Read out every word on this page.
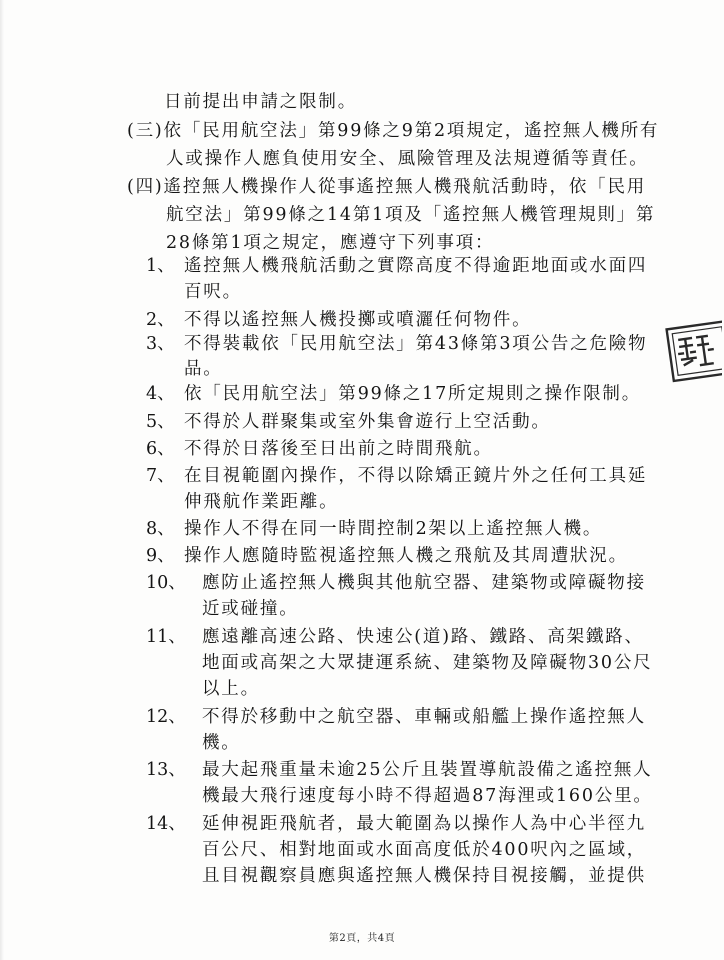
日前提出申請之限制。
(三)依「民用航空法」第99條之9第2項規定，遙控無人機所有
人或操作人應負使用安全、風險管理及法規遵循等責任。
(四)遙控無人機操作人從事遙控無人機飛航活動時，依「民用
航空法」第99條之14第1項及「遙控無人機管理規則」第
28條第1項之規定，應遵守下列事項：
1、 遙控無人機飛航活動之實際高度不得逾距地面或水面四
百呎。
2、 不得以遙控無人機投擲或噴灑任何物件。
3、 不得裝載依「民用航空法」第43條第3項公告之危險物
品。
4、 依「民用航空法」第99條之17所定規則之操作限制。
5、 不得於人群聚集或室外集會遊行上空活動。
6、 不得於日落後至日出前之時間飛航。
7、 在目視範圍內操作，不得以除矯正鏡片外之任何工具延
伸飛航作業距離。
8、 操作人不得在同一時間控制2架以上遙控無人機。
9、 操作人應隨時監視遙控無人機之飛航及其周遭狀況。
10、 應防止遙控無人機與其他航空器、建築物或障礙物接
近或碰撞。
11、 應遠離高速公路、快速公(道)路、鐵路、高架鐵路、
地面或高架之大眾捷運系統、建築物及障礙物30公尺
以上。
12、 不得於移動中之航空器、車輛或船艦上操作遙控無人
機。
13、 最大起飛重量未逾25公斤且裝置導航設備之遙控無人
機最大飛行速度每小時不得超過87海浬或160公里。
14、 延伸視距飛航者，最大範圍為以操作人為中心半徑九
百公尺、相對地面或水面高度低於400呎內之區域，
且目視觀察員應與遙控無人機保持目視接觸，並提供
第2頁，共4頁
